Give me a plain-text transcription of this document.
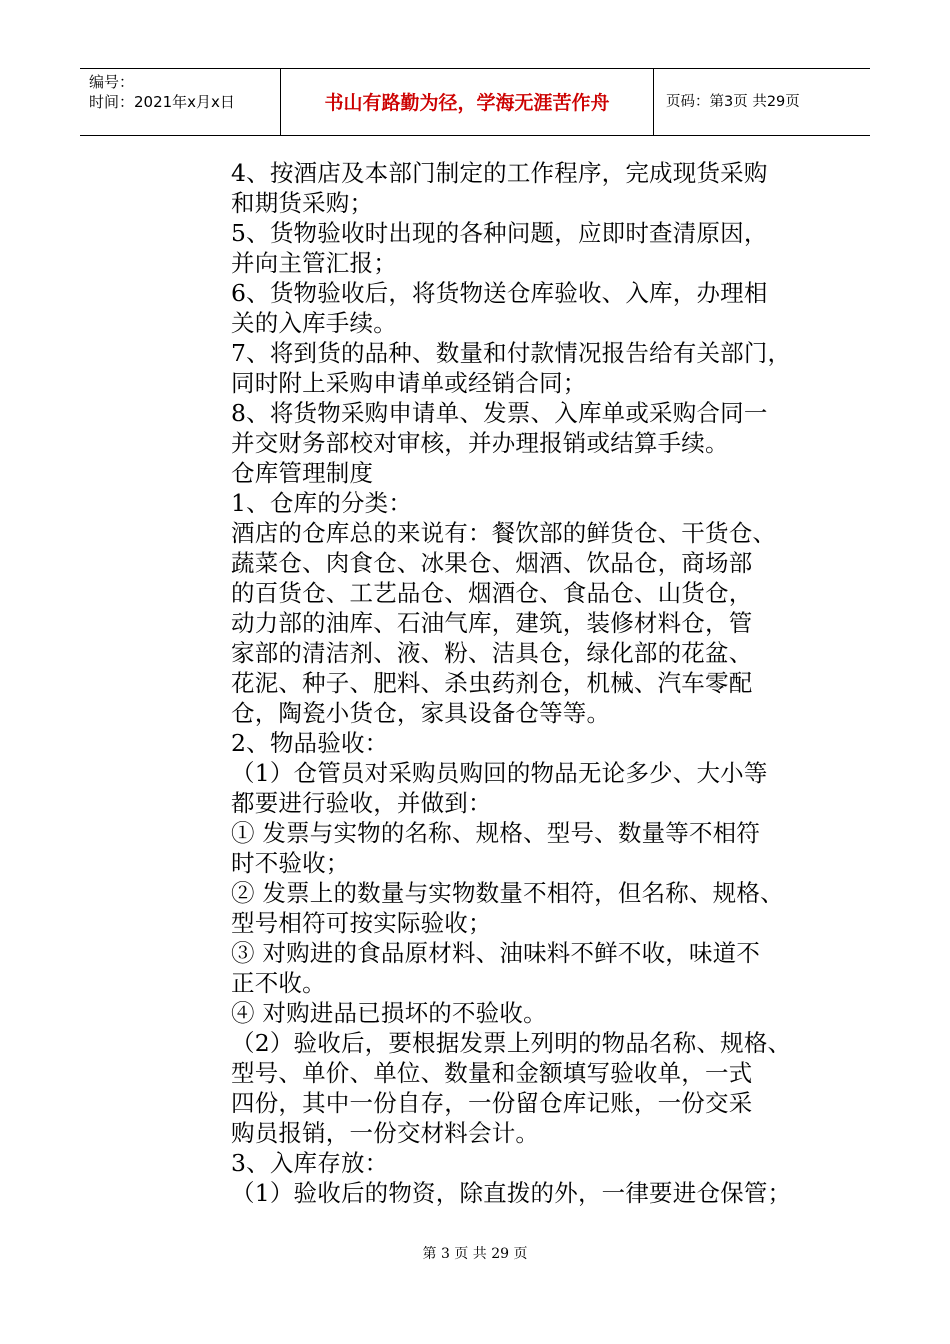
编号：
时间：2021年x月x日	书山有路勤为径，学海无涯苦作舟	页码：第3页 共29页
4、按酒店及本部门制定的工作程序，完成现货采购
和期货采购；
5、货物验收时出现的各种问题，应即时查清原因，
并向主管汇报；
6、货物验收后，将货物送仓库验收、入库，办理相
关的入库手续。
7、将到货的品种、数量和付款情况报告给有关部门，
同时附上采购申请单或经销合同；
8、将货物采购申请单、发票、入库单或采购合同一
并交财务部校对审核，并办理报销或结算手续。
仓库管理制度
1、仓库的分类：
酒店的仓库总的来说有：餐饮部的鲜货仓、干货仓、
蔬菜仓、肉食仓、冰果仓、烟酒、饮品仓，商场部
的百货仓、工艺品仓、烟酒仓、食品仓、山货仓，
动力部的油库、石油气库，建筑，装修材料仓，管
家部的清洁剂、液、粉、洁具仓，绿化部的花盆、
花泥、种子、肥料、杀虫药剂仓，机械、汽车零配
仓，陶瓷小货仓，家具设备仓等等。
2、物品验收：
（1）仓管员对采购员购回的物品无论多少、大小等
都要进行验收，并做到：
① 发票与实物的名称、规格、型号、数量等不相符
时不验收；
② 发票上的数量与实物数量不相符，但名称、规格、
型号相符可按实际验收；
③ 对购进的食品原材料、油味料不鲜不收，味道不
正不收。
④ 对购进品已损坏的不验收。
（2）验收后，要根据发票上列明的物品名称、规格、
型号、单价、单位、数量和金额填写验收单，一式
四份，其中一份自存，一份留仓库记账，一份交采
购员报销，一份交材料会计。
3、入库存放：
（1）验收后的物资，除直拨的外，一律要进仓保管；
第 3 页 共 29 页
